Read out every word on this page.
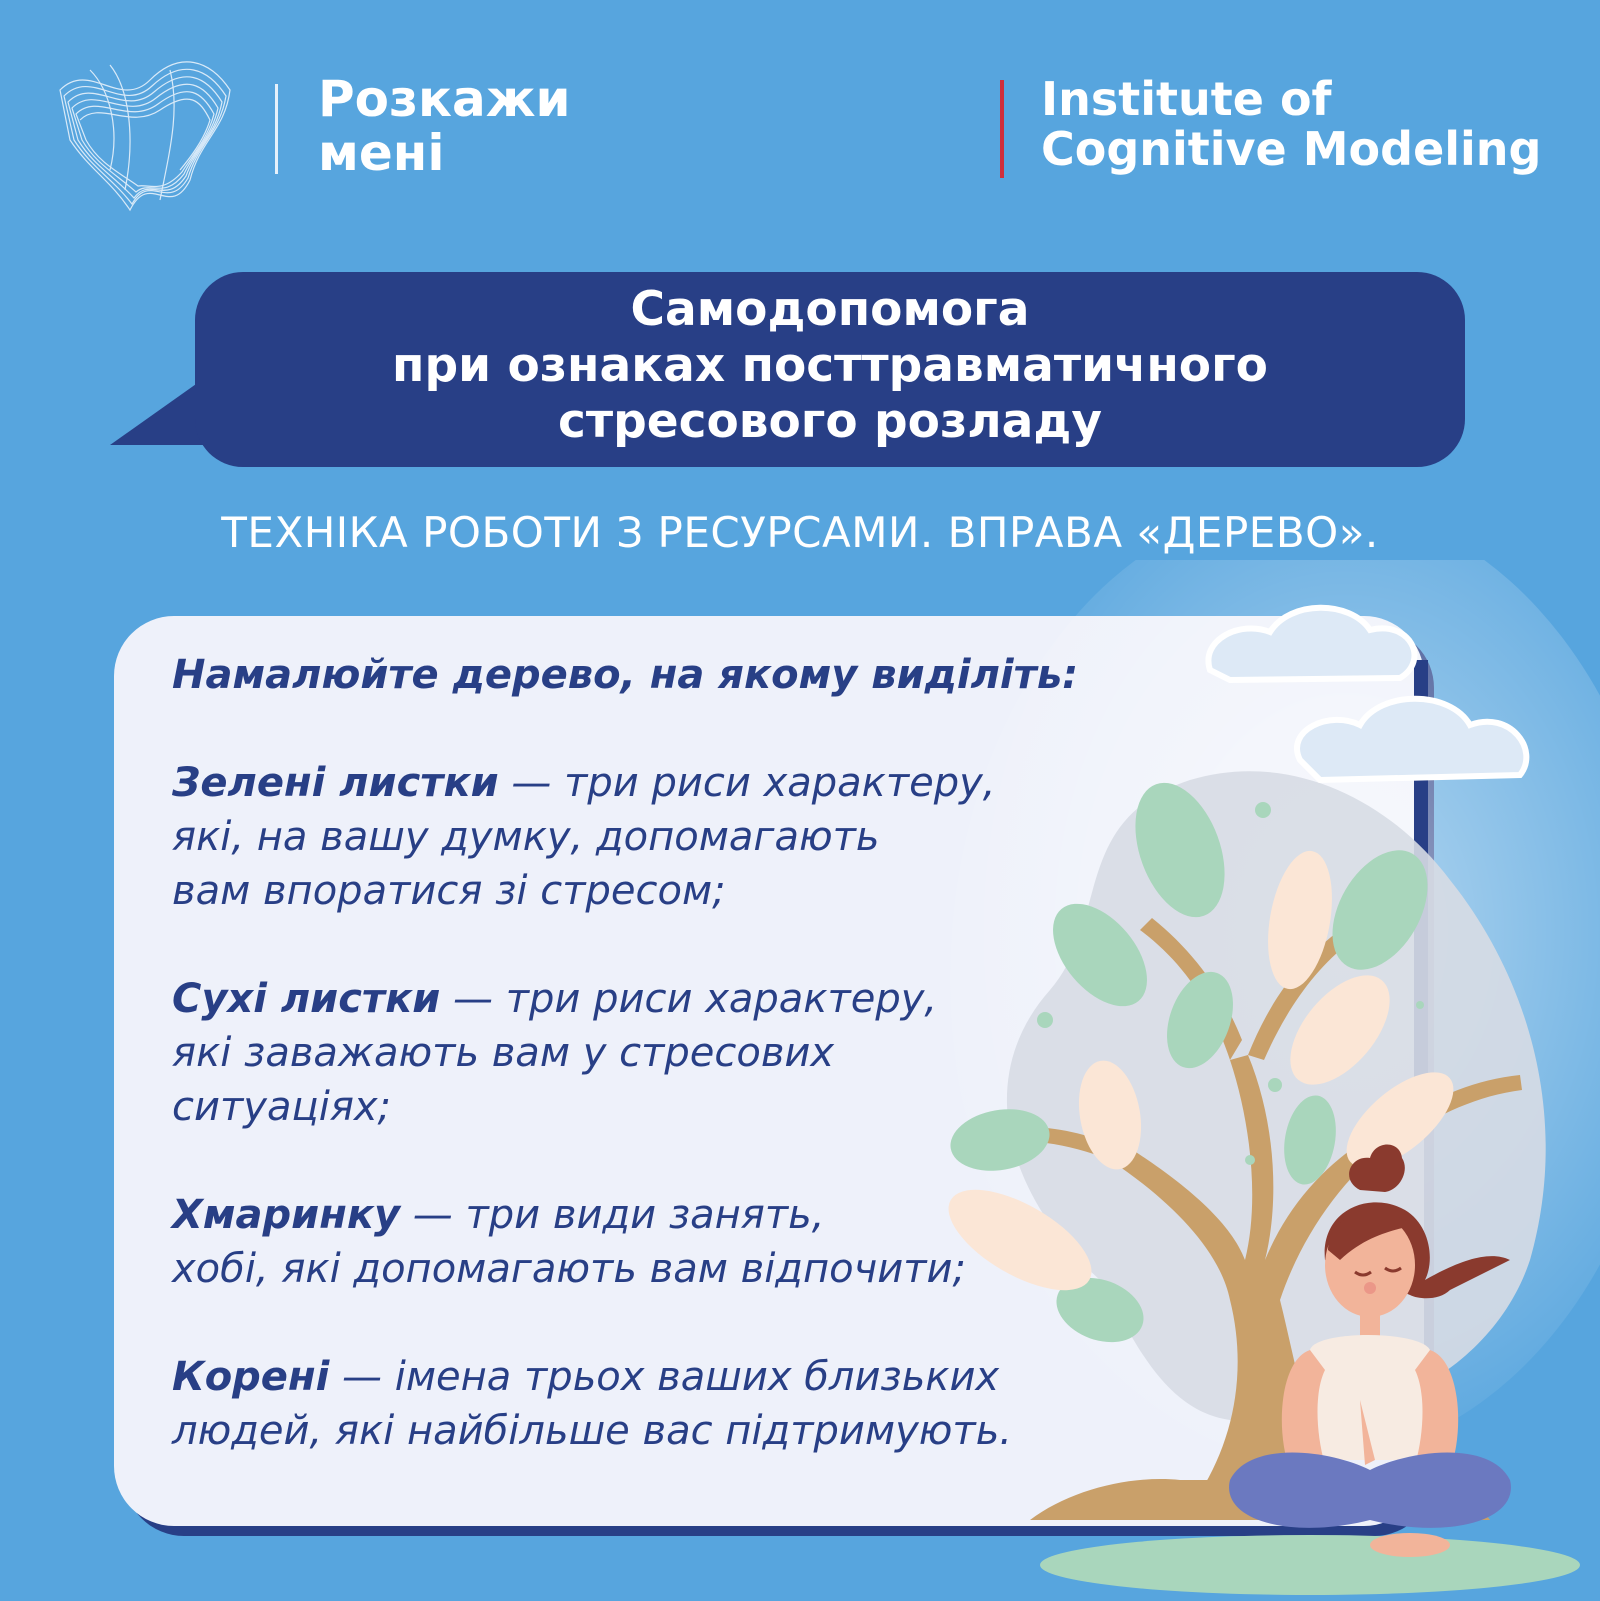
Розкажи
мені
Institute of
Cognitive Modeling
Самодопомога
при ознаках посттравматичного
стресового розладу
ТЕХНІКА РОБОТИ З РЕСУРСАМИ. ВПРАВА «ДЕРЕВО».

Намалюйте дерево, на якому виділіть:

Зелені листки — три риси характеру,
які, на вашу думку, допомагають
вам впоратися зі стресом;

Сухі листки — три риси характеру,
які заважають вам у стресових
ситуаціях;

Хмаринку — три види занять,
хобі, які допомагають вам відпочити;

Корені — імена трьох ваших близьких
людей, які найбільше вас підтримують.
